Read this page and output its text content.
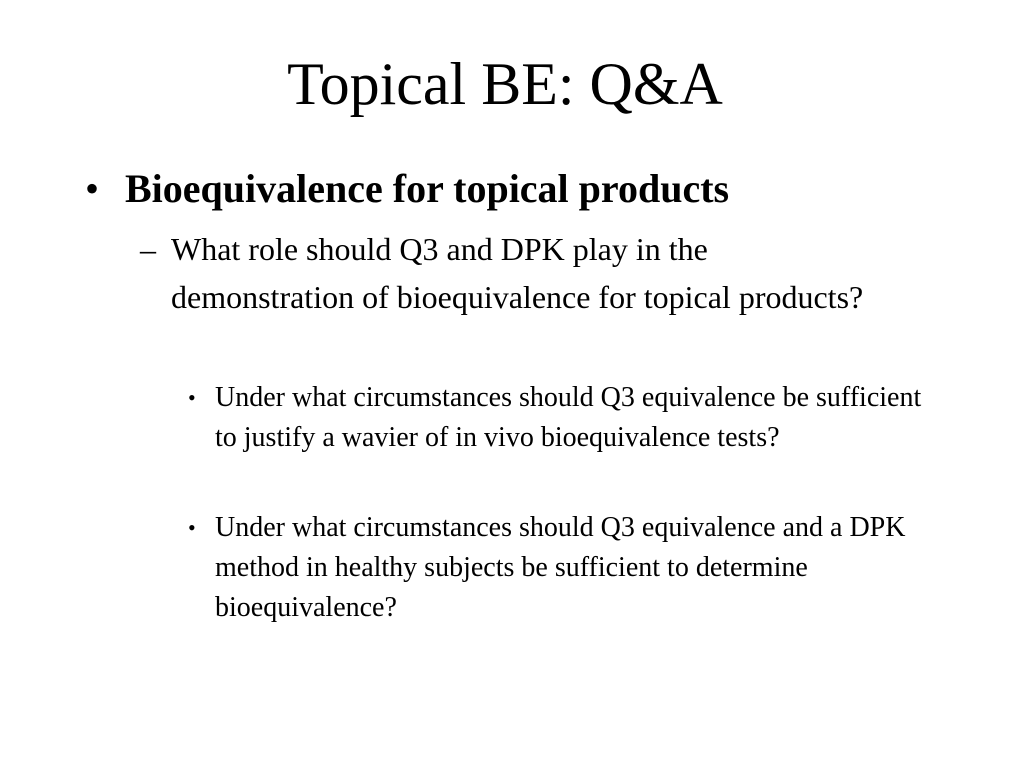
Topical BE: Q&A
• Bioequivalence for topical products
– What role should Q3 and DPK play in the demonstration of bioequivalence for topical products?
• Under what circumstances should Q3 equivalence be sufficient to justify a wavier of in vivo bioequivalence tests?
• Under what circumstances should Q3 equivalence and a DPK method in healthy subjects be sufficient to determine bioequivalence?
